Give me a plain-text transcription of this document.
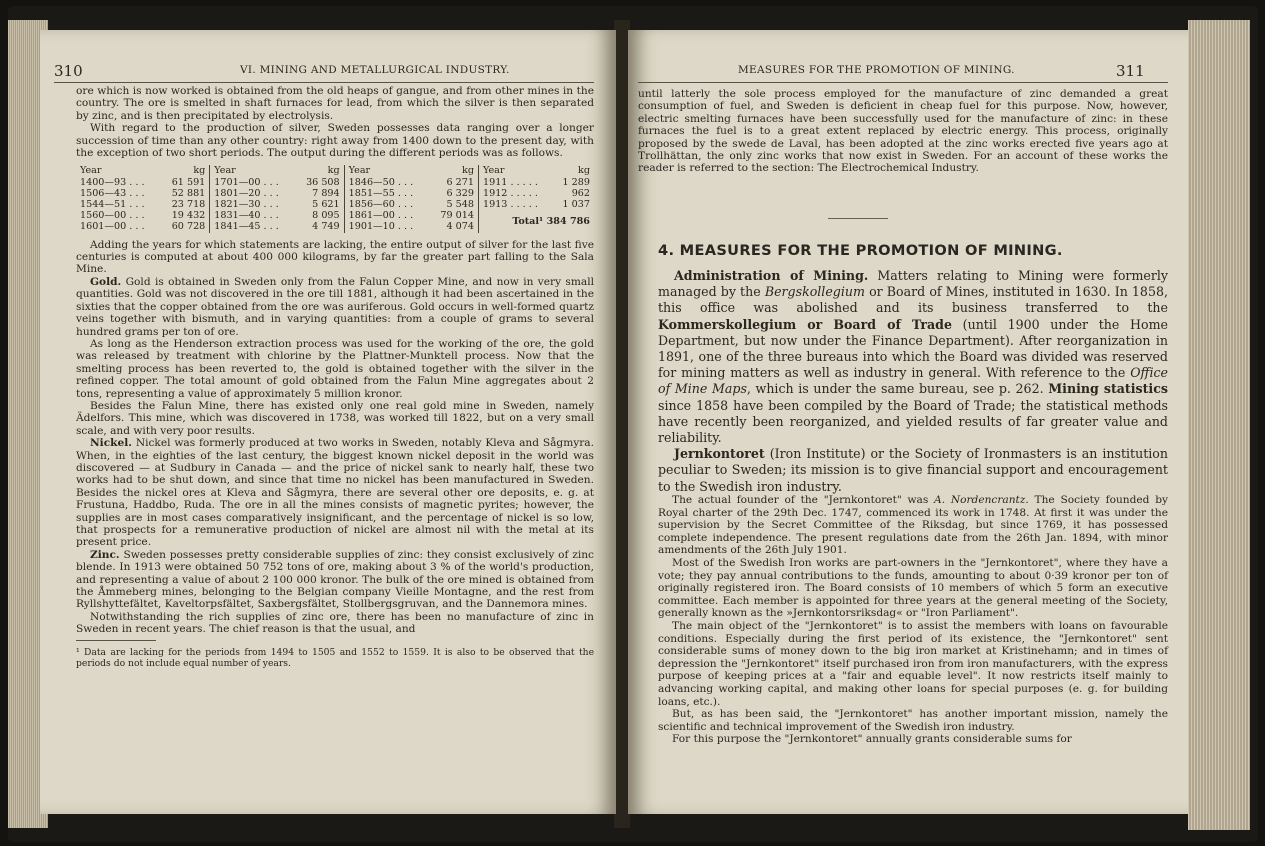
310	VI. MINING AND METALLURGICAL INDUSTRY.

ore which is now worked is obtained from the old heaps of gangue, and from other mines in the country. The ore is smelted in shaft furnaces for lead, from which the silver is then separated by zinc, and is then precipitated by electrolysis.

With regard to the production of silver, Sweden possesses data ranging over a longer succession of time than any other country: right away from 1400 down to the present day, with the exception of two short periods. The output during the different periods was as follows.

Year	kg	Year	kg	Year	kg	Year	kg
1400—93 . . .	61 591	1701—00 . . .	36 508	1846—50 . . .	6 271	1911 . . . . .	1 289
1506—43 . . .	52 881	1801—20 . . .	7 894	1851—55 . . .	6 329	1912 . . . . .	962
1544—51 . . .	23 718	1821—30 . . .	5 621	1856—60 . . .	5 548	1913 . . . . .	1 037
1560—00 . . .	19 432	1831—40 . . .	8 095	1861—00 . . .	79 014	Total¹ 384 786	
1601—00 . . .	60 728	1841—45 . . .	4 749	1901—10 . . .	4 074		

Adding the years for which statements are lacking, the entire output of silver for the last five centuries is computed at about 400 000 kilograms, by far the greater part falling to the Sala Mine.

Gold. Gold is obtained in Sweden only from the Falun Copper Mine, and now in very small quantities. Gold was not discovered in the ore till 1881, although it had been ascertained in the sixties that the copper obtained from the ore was auriferous. Gold occurs in well-formed quartz veins together with bismuth, and in varying quantities: from a couple of grams to several hundred grams per ton of ore.

As long as the Henderson extraction process was used for the working of the ore, the gold was released by treatment with chlorine by the Plattner-Munktell process. Now that the smelting process has been reverted to, the gold is obtained together with the silver in the refined copper. The total amount of gold obtained from the Falun Mine aggregates about 2 tons, representing a value of approximately 5 million kronor.

Besides the Falun Mine, there has existed only one real gold mine in Sweden, namely Ädelfors. This mine, which was discovered in 1738, was worked till 1822, but on a very small scale, and with very poor results.

Nickel. Nickel was formerly produced at two works in Sweden, notably Kleva and Sågmyra. When, in the eighties of the last century, the biggest known nickel deposit in the world was discovered — at Sudbury in Canada — and the price of nickel sank to nearly half, these two works had to be shut down, and since that time no nickel has been manufactured in Sweden. Besides the nickel ores at Kleva and Sågmyra, there are several other ore deposits, e. g. at Frustuna, Haddbo, Ruda. The ore in all the mines consists of magnetic pyrites; however, the supplies are in most cases comparatively insignificant, and the percentage of nickel is so low, that prospects for a remunerative production of nickel are almost nil with the metal at its present price.

Zinc. Sweden possesses pretty considerable supplies of zinc: they consist exclusively of zinc blende. In 1913 were obtained 50 752 tons of ore, making about 3 % of the world's production, and representing a value of about 2 100 000 kronor. The bulk of the ore mined is obtained from the Åmmeberg mines, belonging to the Belgian company Vieille Montagne, and the rest from Ryllshyttefältet, Kaveltorpsfältet, Saxbergsfältet, Stollbergsgruvan, and the Dannemora mines.

Notwithstanding the rich supplies of zinc ore, there has been no manufacture of zinc in Sweden in recent years. The chief reason is that the usual, and

¹ Data are lacking for the periods from 1494 to 1505 and 1552 to 1559. It is also to be observed that the periods do not include equal number of years.
MEASURES FOR THE PROMOTION OF MINING.	311

until latterly the sole process employed for the manufacture of zinc demanded a great consumption of fuel, and Sweden is deficient in cheap fuel for this purpose. Now, however, electric smelting furnaces have been successfully used for the manufacture of zinc: in these furnaces the fuel is to a great extent replaced by electric energy. This process, originally proposed by the swede de Laval, has been adopted at the zinc works erected five years ago at Trollhättan, the only zinc works that now exist in Sweden. For an account of these works the reader is referred to the section: The Electrochemical Industry.

4. MEASURES FOR THE PROMOTION OF MINING.

Administration of Mining. Matters relating to Mining were formerly managed by the Bergskollegium or Board of Mines, instituted in 1630. In 1858, this office was abolished and its business transferred to the Kommerskollegium or Board of Trade (until 1900 under the Home Department, but now under the Finance Department). After reorganization in 1891, one of the three bureaus into which the Board was divided was reserved for mining matters as well as industry in general. With reference to the Office of Mine Maps, which is under the same bureau, see p. 262. Mining statistics since 1858 have been compiled by the Board of Trade; the statistical methods have recently been reorganized, and yielded results of far greater value and reliability.

Jernkontoret (Iron Institute) or the Society of Ironmasters is an institution peculiar to Sweden; its mission is to give financial support and encouragement to the Swedish iron industry.

The actual founder of the "Jernkontoret" was A. Nordencrantz. The Society founded by Royal charter of the 29th Dec. 1747, commenced its work in 1748. At first it was under the supervision by the Secret Committee of the Riksdag, but since 1769, it has possessed complete independence. The present regulations date from the 26th Jan. 1894, with minor amendments of the 26th July 1901.

Most of the Swedish Iron works are part-owners in the "Jernkontoret", where they have a vote; they pay annual contributions to the funds, amounting to about 0·39 kronor per ton of originally registered iron. The Board consists of 10 members of which 5 form an executive committee. Each member is appointed for three years at the general meeting of the Society, generally known as the »Jernkontorsriksdag« or "Iron Parliament".

The main object of the "Jernkontoret" is to assist the members with loans on favourable conditions. Especially during the first period of its existence, the "Jernkontoret" sent considerable sums of money down to the big iron market at Kristinehamn; and in times of depression the "Jernkontoret" itself purchased iron from iron manufacturers, with the express purpose of keeping prices at a "fair and equable level". It now restricts itself mainly to advancing working capital, and making other loans for special purposes (e. g. for building loans, etc.).

But, as has been said, the "Jernkontoret" has another important mission, namely the scientific and technical improvement of the Swedish iron industry.

For this purpose the "Jernkontoret" annually grants considerable sums for
